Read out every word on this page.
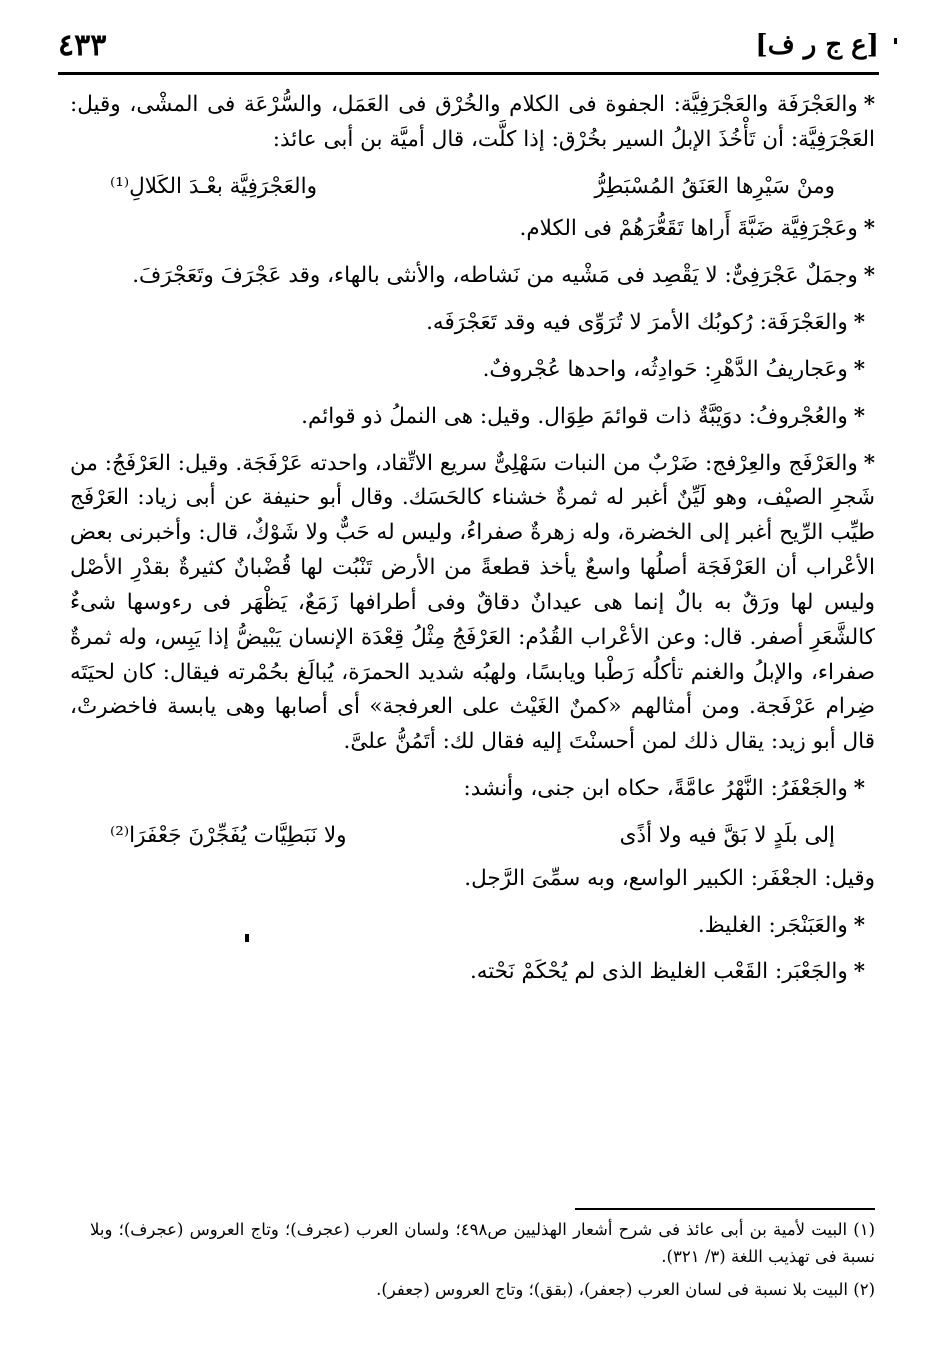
[ع ج ر ف]
٤٣٣

*والعَجْرَفَة والعَجْرَفِيَّة: الجفوة فى الكلام والخُرْق فى العَمَل، والسُّرْعَة فى المشْى، وقيل: العَجْرَفِيَّة: أن تَأْخُذَ الإبلُ السير بخُرْق: إذا كلَّت، قال أميَّة بن أبى عائذ:

ومنْ سَيْرِها العَنَقُ المُسْبَطِرُّ
والعَجْرَفِيَّة بعْـدَ الكَلالِ⁽¹⁾

*وعَجْرَفِيَّة ضَبَّةَ أَراها تَقَعُّرَهُمْ فى الكلام.

*وجمَلٌ عَجْرَفِىٌّ: لا يَقْصِد فى مَشْيه من نَشاطه، والأنثى بالهاء، وقد عَجْرَفَ وتَعَجْرَفَ.

*والعَجْرَفَة: رُكوبُك الأمرَ لا تُرَوِّى فيه وقد تَعَجْرَفَه.

*وعَجاريفُ الدَّهْرِ: حَوادِثُه، واحدها عُجْروفٌ.

*والعُجْروفُ: دوَيْبَّةٌ ذات قوائمَ طِوَال. وقيل: هى النملُ ذو قوائم.

*والعَرْفَج والعِرْفج: ضَرْبٌ من النبات سَهْلِىٌّ سريع الاتِّقاد، واحدته عَرْفَجَة. وقيل: العَرْفَجُ: من شَجرِ الصيْف، وهو لَيِّنٌ أغبر له ثمرةٌ خشناء كالحَسَك. وقال أبو حنيفة عن أبى زياد: العَرْفَج طيِّب الرِّيح أغبر إلى الخضرة، وله زهرةٌ صفراءُ، وليس له حَبٌّ ولا شَوْكٌ، قال: وأخبرنى بعض الأعْراب أن العَرْفَجَة أصلُها واسعٌ يأخذ قطعةً من الأرض تَنْبُت لها قُضْبانٌ كثيرةٌ بقدْرِ الأصْل وليس لها ورَقٌ به بالٌ إنما هى عيدانٌ دقاقٌ وفى أطرافها زَمَعٌ، يَظْهَر فى رءوسها شىءٌ كالشَّعَرِ أصفر. قال: وعن الأعْراب القُدُم: العَرْفَجُ مِثْلُ قِعْدَة الإنسان يَبْيضُّ إذا يَبِس، وله ثمرةٌ صفراء، والإبلُ والغنم تأكلُه رَطْبا ويابسًا، ولهبُه شديد الحمرَة، يُبالَغ بحُمْرته فيقال: كان لحيَتَه ضِرام عَرْفَجة. ومن أمثالهم «كمنٌ الغَيْث على العرفجة» أى أصابها وهى يابسة فاخضرتْ، قال أبو زيد: يقال ذلك لمن أحسنْتَ إليه فقال لك: أتَمُنُّ علىَّ.

*والجَعْفَرُ: النَّهْرُ عامَّةً، حكاه ابن جنى، وأنشد:

إلى بلَدٍ لا بَقَّ فيه ولا أذًى
ولا نَبَطِيَّات يُفَجِّرْنَ جَعْفَرَا⁽²⁾

وقيل: الجعْفَر: الكبير الواسع، وبه سمِّىَ الرَّجل.

*والعَبَنْجَر: الغليظ.

*والجَعْبَر: القَعْب الغليظ الذى لم يُحْكَمْ نَحْته.

(١) البيت لأمية بن أبى عائذ فى شرح أشعار الهذليين ص٤٩٨؛ ولسان العرب (عجرف)؛ وتاج العروس (عجرف)؛ وبلا نسبة فى تهذيب اللغة (٣/ ٣٢١).

(٢) البيت بلا نسبة فى لسان العرب (جعفر)، (بقق)؛ وتاج العروس (جعفر).
